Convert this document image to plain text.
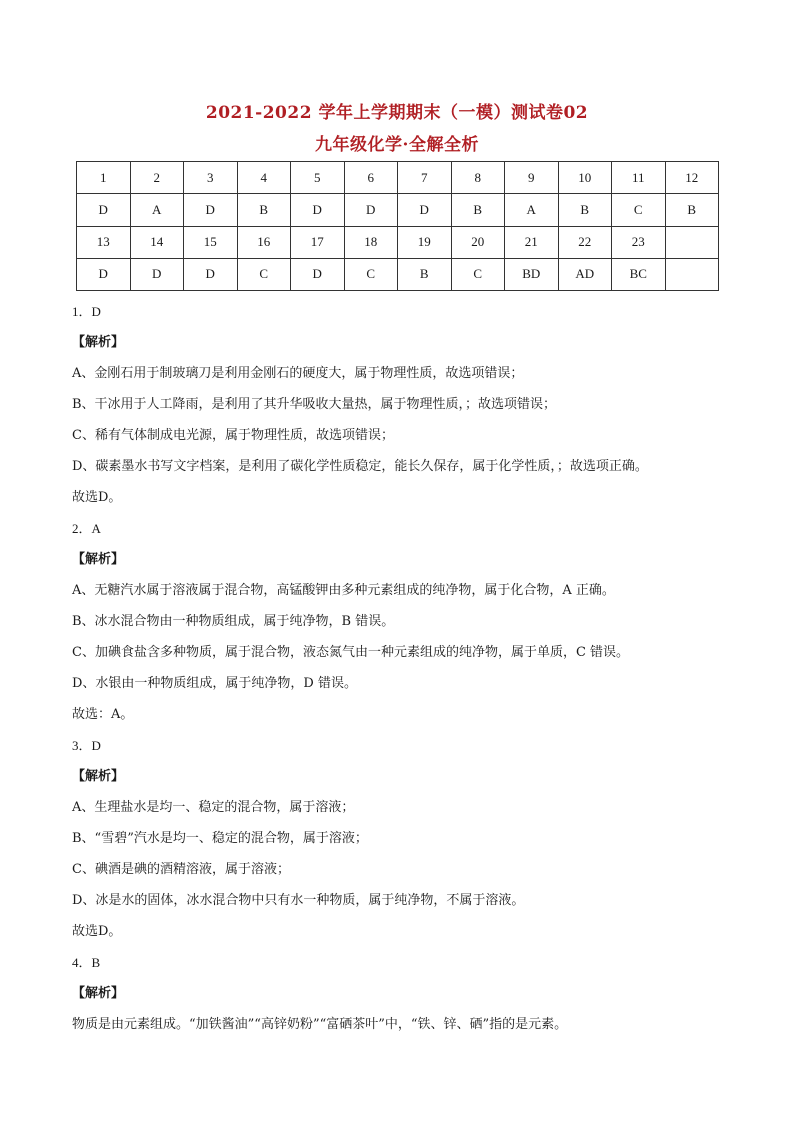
2021-2022 学年上学期期末（一模）测试卷02
九年级化学·全解全析
1	2	3	4	5	6	7	8	9	10	11	12
D	A	D	B	D	D	D	B	A	B	C	B
13	14	15	16	17	18	19	20	21	22	23	
D	D	D	C	D	C	B	C	BD	AD	BC	
1．D
【解析】
A、金刚石用于制玻璃刀是利用金刚石的硬度大，属于物理性质，故选项错误；
B、干冰用于人工降雨，是利用了其升华吸收大量热，属于物理性质，；故选项错误；
C、稀有气体制成电光源，属于物理性质，故选项错误；
D、碳素墨水书写文字档案，是利用了碳化学性质稳定，能长久保存，属于化学性质，；故选项正确。
故选D。
2．A
【解析】
A、无糖汽水属于溶液属于混合物，高锰酸钾由多种元素组成的纯净物，属于化合物，A 正确。
B、冰水混合物由一种物质组成，属于纯净物，B 错误。
C、加碘食盐含多种物质，属于混合物，液态氮气由一种元素组成的纯净物，属于单质，C 错误。
D、水银由一种物质组成，属于纯净物，D 错误。
故选：A。
3．D
【解析】
A、生理盐水是均一、稳定的混合物，属于溶液；
B、“雪碧”汽水是均一、稳定的混合物，属于溶液；
C、碘酒是碘的酒精溶液，属于溶液；
D、冰是水的固体，冰水混合物中只有水一种物质，属于纯净物，不属于溶液。
故选D。
4．B
【解析】
物质是由元素组成。“加铁酱油”“高锌奶粉”“富硒茶叶”中，“铁、锌、硒”指的是元素。
